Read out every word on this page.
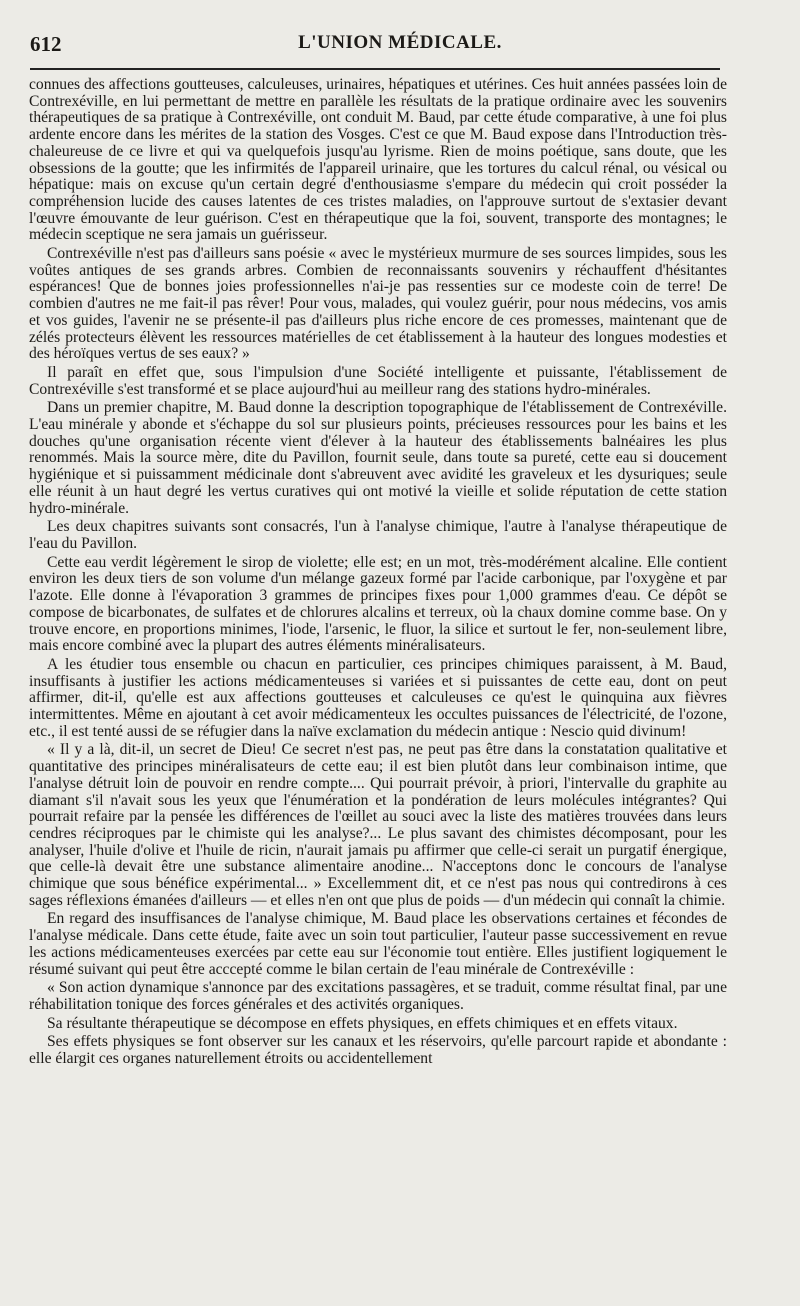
612	L'UNION MÉDICALE.

connues des affections goutteuses, calculeuses, urinaires, hépatiques et utérines. Ces huit années passées loin de Contrexéville, en lui permettant de mettre en parallèle les résultats de la pratique ordinaire avec les souvenirs thérapeutiques de sa pratique à Contrexéville, ont conduit M. Baud, par cette étude comparative, à une foi plus ardente encore dans les mérites de la station des Vosges. C'est ce que M. Baud expose dans l'Introduction très-chaleureuse de ce livre et qui va quelquefois jusqu'au lyrisme. Rien de moins poétique, sans doute, que les obsessions de la goutte; que les infirmités de l'appareil urinaire, que les tortures du calcul rénal, ou vésical ou hépatique: mais on excuse qu'un certain degré d'enthousiasme s'empare du médecin qui croit posséder la compréhension lucide des causes latentes de ces tristes maladies, on l'approuve surtout de s'extasier devant l'œuvre émouvante de leur guérison. C'est en thérapeutique que la foi, souvent, transporte des montagnes; le médecin sceptique ne sera jamais un guérisseur.

Contrexéville n'est pas d'ailleurs sans poésie « avec le mystérieux murmure de ses sources limpides, sous les voûtes antiques de ses grands arbres. Combien de reconnaissants souvenirs y réchauffent d'hésitantes espérances! Que de bonnes joies professionnelles n'ai-je pas ressenties sur ce modeste coin de terre! De combien d'autres ne me fait-il pas rêver! Pour vous, malades, qui voulez guérir, pour nous médecins, vos amis et vos guides, l'avenir ne se présente-il pas d'ailleurs plus riche encore de ces promesses, maintenant que de zélés protecteurs élèvent les ressources matérielles de cet établissement à la hauteur des longues modesties et des héroïques vertus de ses eaux? »

Il paraît en effet que, sous l'impulsion d'une Société intelligente et puissante, l'établissement de Contrexéville s'est transformé et se place aujourd'hui au meilleur rang des stations hydro-minérales.

Dans un premier chapitre, M. Baud donne la description topographique de l'établissement de Contrexéville. L'eau minérale y abonde et s'échappe du sol sur plusieurs points, précieuses ressources pour les bains et les douches qu'une organisation récente vient d'élever à la hauteur des établissements balnéaires les plus renommés. Mais la source mère, dite du Pavillon, fournit seule, dans toute sa pureté, cette eau si doucement hygiénique et si puissamment médicinale dont s'abreuvent avec avidité les graveleux et les dysuriques; seule elle réunit à un haut degré les vertus curatives qui ont motivé la vieille et solide réputation de cette station hydro-minérale.

Les deux chapitres suivants sont consacrés, l'un à l'analyse chimique, l'autre à l'analyse thérapeutique de l'eau du Pavillon.

Cette eau verdit légèrement le sirop de violette; elle est; en un mot, très-modérément alcaline. Elle contient environ les deux tiers de son volume d'un mélange gazeux formé par l'acide carbonique, par l'oxygène et par l'azote. Elle donne à l'évaporation 3 grammes de principes fixes pour 1,000 grammes d'eau. Ce dépôt se compose de bicarbonates, de sulfates et de chlorures alcalins et terreux, où la chaux domine comme base. On y trouve encore, en proportions minimes, l'iode, l'arsenic, le fluor, la silice et surtout le fer, non-seulement libre, mais encore combiné avec la plupart des autres éléments minéralisateurs.

A les étudier tous ensemble ou chacun en particulier, ces principes chimiques paraissent, à M. Baud, insuffisants à justifier les actions médicamenteuses si variées et si puissantes de cette eau, dont on peut affirmer, dit-il, qu'elle est aux affections goutteuses et calculeuses ce qu'est le quinquina aux fièvres intermittentes. Même en ajoutant à cet avoir médicamenteux les occultes puissances de l'électricité, de l'ozone, etc., il est tenté aussi de se réfugier dans la naïve exclamation du médecin antique : Nescio quid divinum!

« Il y a là, dit-il, un secret de Dieu! Ce secret n'est pas, ne peut pas être dans la constatation qualitative et quantitative des principes minéralisateurs de cette eau; il est bien plutôt dans leur combinaison intime, que l'analyse détruit loin de pouvoir en rendre compte.... Qui pourrait prévoir, à priori, l'intervalle du graphite au diamant s'il n'avait sous les yeux que l'énumération et la pondération de leurs molécules intégrantes? Qui pourrait refaire par la pensée les différences de l'œillet au souci avec la liste des matières trouvées dans leurs cendres réciproques par le chimiste qui les analyse?... Le plus savant des chimistes décomposant, pour les analyser, l'huile d'olive et l'huile de ricin, n'aurait jamais pu affirmer que celle-ci serait un purgatif énergique, que celle-là devait être une substance alimentaire anodine... N'acceptons donc le concours de l'analyse chimique que sous bénéfice expérimental... » Excellemment dit, et ce n'est pas nous qui contredirons à ces sages réflexions émanées d'ailleurs — et elles n'en ont que plus de poids — d'un médecin qui connaît la chimie.

En regard des insuffisances de l'analyse chimique, M. Baud place les observations certaines et fécondes de l'analyse médicale. Dans cette étude, faite avec un soin tout particulier, l'auteur passe successivement en revue les actions médicamenteuses exercées par cette eau sur l'économie tout entière. Elles justifient logiquement le résumé suivant qui peut être acccepté comme le bilan certain de l'eau minérale de Contrexéville :

« Son action dynamique s'annonce par des excitations passagères, et se traduit, comme résultat final, par une réhabilitation tonique des forces générales et des activités organiques.

Sa résultante thérapeutique se décompose en effets physiques, en effets chimiques et en effets vitaux.

Ses effets physiques se font observer sur les canaux et les réservoirs, qu'elle parcourt rapide et abondante : elle élargit ces organes naturellement étroits ou accidentellement
